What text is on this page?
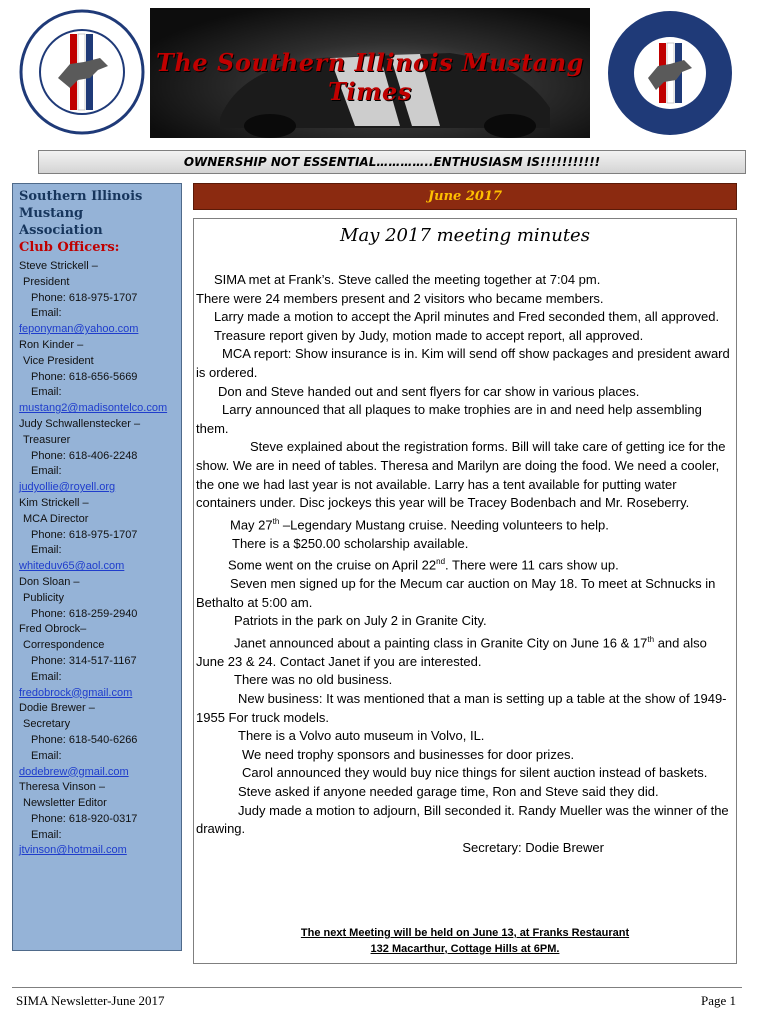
The Southern Illinois Mustang Times
OWNERSHIP NOT ESSENTIAL…………..ENTHUSIASM IS!!!!!!!!!!!
Southern Illinois
Mustang
Association
Club Officers:
Steve Strickell –
President
Phone: 618-975-1707
Email:
feponyman@yahoo.com
Ron Kinder –
Vice President
Phone: 618-656-5669
Email:
mustang2@madisontelco.com
Judy Schwallenstecker –
Treasurer
Phone: 618-406-2248
Email:
judyollie@royell.org
Kim Strickell –
MCA Director
Phone: 618-975-1707
Email:
whiteduv65@aol.com
Don Sloan –
Publicity
Phone: 618-259-2940
Fred Obrock–
Correspondence
Phone: 314-517-1167
Email:
fredobrock@gmail.com
Dodie Brewer –
Secretary
Phone: 618-540-6266
Email:
dodebrew@gmail.com
Theresa Vinson –
Newsletter Editor
Phone: 618-920-0317
Email:
jtvinson@hotmail.com
June 2017
May 2017 meeting minutes

SIMA met at Frank’s. Steve called the meeting together at 7:04 pm.

There were 24 members present and 2 visitors who became members.

Larry made a motion to accept the April minutes and Fred seconded them, all approved.

Treasure report given by Judy, motion made to accept report, all approved.

MCA report: Show insurance is in. Kim will send off show packages and president award is ordered.

Don and Steve handed out and sent flyers for car show in various places.

Larry announced that all plaques to make trophies are in and need help assembling them.

Steve explained about the registration forms. Bill will take care of getting ice for the show. We are in need of tables. Theresa and Marilyn are doing the food. We need a cooler, the one we had last year is not available. Larry has a tent available for putting water containers under. Disc jockeys this year will be Tracey Bodenbach and Mr. Roseberry.

May 27th –Legendary Mustang cruise. Needing volunteers to help.

There is a $250.00 scholarship available.

Some went on the cruise on April 22nd. There were 11 cars show up.

Seven men signed up for the Mecum car auction on May 18. To meet at Schnucks in Bethalto at 5:00 am.

Patriots in the park on July 2 in Granite City.

Janet announced about a painting class in Granite City on June 16 & 17th and also June 23 & 24. Contact Janet if you are interested.

There was no old business.

New business: It was mentioned that a man is setting up a table at the show of 1949-1955 For truck models.

There is a Volvo auto museum in Volvo, IL.

We need trophy sponsors and businesses for door prizes.

Carol announced they would buy nice things for silent auction instead of baskets.

Steve asked if anyone needed garage time, Ron and Steve said they did.

Judy made a motion to adjourn, Bill seconded it. Randy Mueller was the winner of the drawing.

Secretary: Dodie Brewer

The next Meeting will be held on June 13, at Franks Restaurant
132 Macarthur, Cottage Hills at 6PM.
SIMA Newsletter-June 2017	Page 1
